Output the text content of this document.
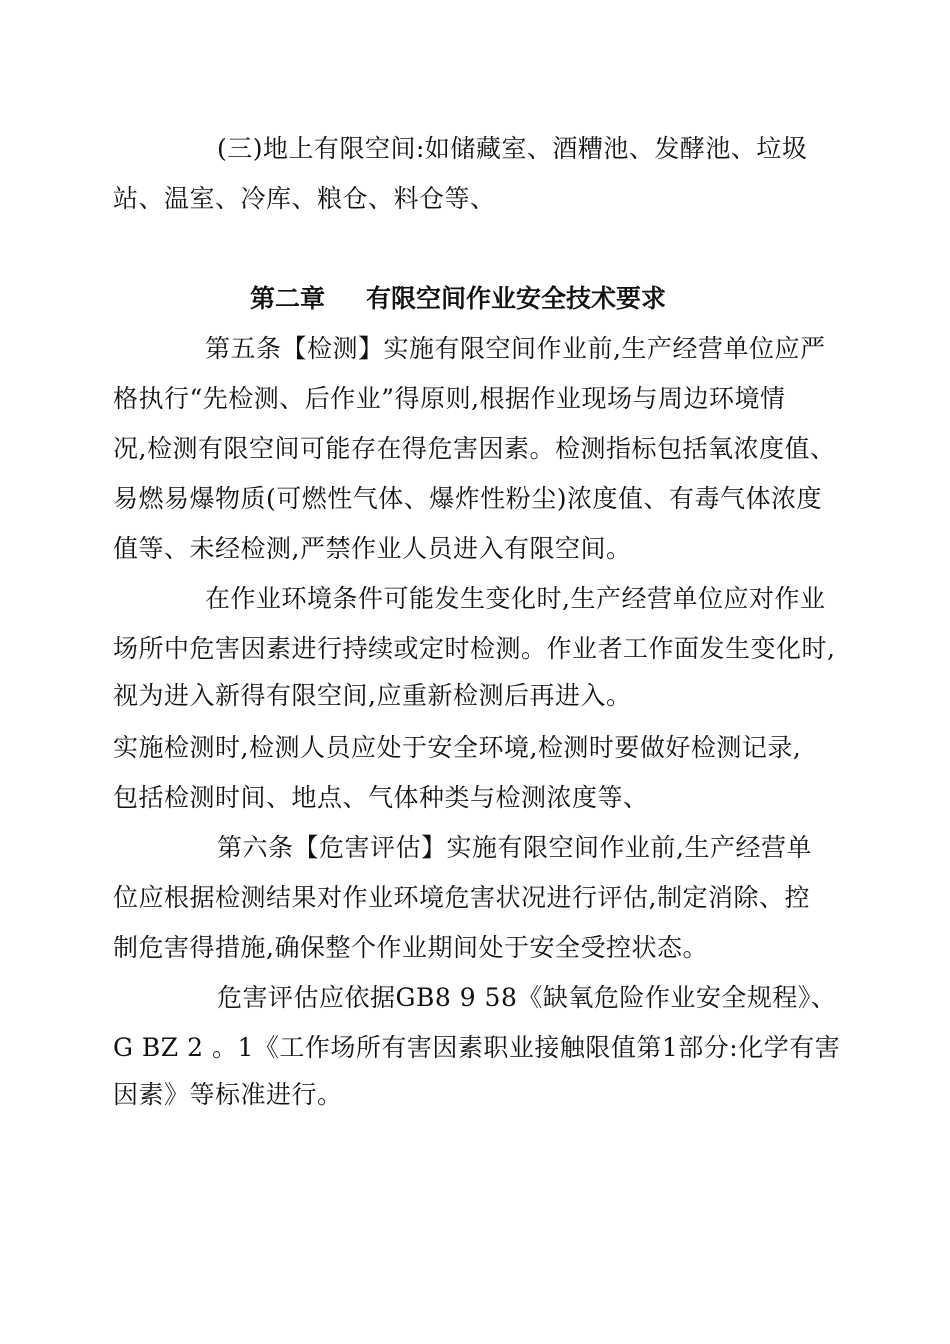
(三)地上有限空间:如储藏室、酒糟池、发酵池、垃圾
站、温室、冷库、粮仓、料仓等、
第二章 有限空间作业安全技术要求
第五条【检测】实施有限空间作业前,生产经营单位应严
格执行“先检测、后作业”得原则,根据作业现场与周边环境情
况,检测有限空间可能存在得危害因素。检测指标包括氧浓度值、
易燃易爆物质(可燃性气体、爆炸性粉尘)浓度值、有毒气体浓度
值等、未经检测,严禁作业人员进入有限空间。
在作业环境条件可能发生变化时,生产经营单位应对作业
场所中危害因素进行持续或定时检测。作业者工作面发生变化时,
视为进入新得有限空间,应重新检测后再进入。
实施检测时,检测人员应处于安全环境,检测时要做好检测记录,
包括检测时间、地点、气体种类与检测浓度等、
第六条【危害评估】实施有限空间作业前,生产经营单
位应根据检测结果对作业环境危害状况进行评估,制定消除、控
制危害得措施,确保整个作业期间处于安全受控状态。
危害评估应依据GB8 9 58《缺氧危险作业安全规程》、
G BZ 2 。1《工作场所有害因素职业接触限值第1部分:化学有害
因素》等标准进行。
